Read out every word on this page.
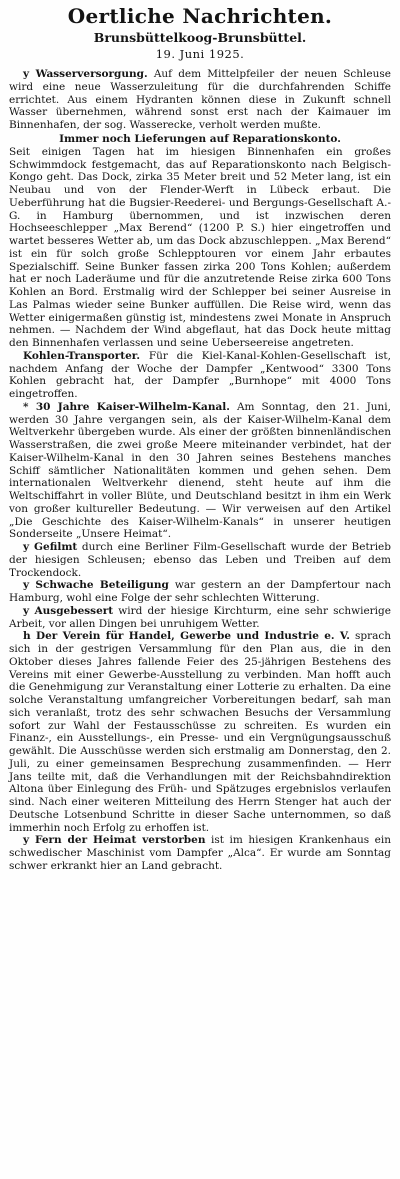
Oertliche Nachrichten.
Brunsbüttelkoog-Brunsbüttel.
19. Juni 1925.

y Wasserversorgung. Auf dem Mittelpfeiler der neuen Schleuse wird eine neue Wasserzuleitung für die durchfahrenden Schiffe errichtet. Aus einem Hydranten können diese in Zukunft schnell Wasser übernehmen, während sonst erst nach der Kaimauer im Binnenhafen, der sog. Wasserecke, verholt werden mußte.

Immer noch Lieferungen auf Reparationskonto.

Seit einigen Tagen hat im hiesigen Binnenhafen ein großes Schwimmdock festgemacht, das auf Reparationskonto nach Belgisch-Kongo geht. Das Dock, zirka 35 Meter breit und 52 Meter lang, ist ein Neubau und von der Flender-Werft in Lübeck erbaut. Die Ueberführung hat die Bugsier-Reederei- und Bergungs-Gesellschaft A.-G. in Hamburg übernommen, und ist inzwischen deren Hochseeschlepper „Max Berend“ (1200 P. S.) hier eingetroffen und wartet besseres Wetter ab, um das Dock abzuschleppen. „Max Berend“ ist ein für solch große Schlepptouren vor einem Jahr erbautes Spezialschiff. Seine Bunker fassen zirka 200 Tons Kohlen; außerdem hat er noch Laderäume und für die anzutretende Reise zirka 600 Tons Kohlen an Bord. Erstmalig wird der Schlepper bei seiner Ausreise in Las Palmas wieder seine Bunker auffüllen. Die Reise wird, wenn das Wetter einigermaßen günstig ist, mindestens zwei Monate in Anspruch nehmen. — Nachdem der Wind abgeflaut, hat das Dock heute mittag den Binnenhafen verlassen und seine Ueberseereise angetreten.

Kohlen-Transporter. Für die Kiel-Kanal-Kohlen-Gesellschaft ist, nachdem Anfang der Woche der Dampfer „Kentwood“ 3300 Tons Kohlen gebracht hat, der Dampfer „Burnhope“ mit 4000 Tons eingetroffen.

* 30 Jahre Kaiser-Wilhelm-Kanal. Am Sonntag, den 21. Juni, werden 30 Jahre vergangen sein, als der Kaiser-Wilhelm-Kanal dem Weltverkehr übergeben wurde. Als einer der größten binnenländischen Wasserstraßen, die zwei große Meere miteinander verbindet, hat der Kaiser-Wilhelm-Kanal in den 30 Jahren seines Bestehens manches Schiff sämtlicher Nationalitäten kommen und gehen sehen. Dem internationalen Weltverkehr dienend, steht heute auf ihm die Weltschiffahrt in voller Blüte, und Deutschland besitzt in ihm ein Werk von großer kultureller Bedeutung. — Wir verweisen auf den Artikel „Die Geschichte des Kaiser-Wilhelm-Kanals“ in unserer heutigen Sonderseite „Unsere Heimat“.

y Gefilmt durch eine Berliner Film-Gesellschaft wurde der Betrieb der hiesigen Schleusen; ebenso das Leben und Treiben auf dem Trockendock.

y Schwache Beteiligung war gestern an der Dampfertour nach Hamburg, wohl eine Folge der sehr schlechten Witterung.

y Ausgebessert wird der hiesige Kirchturm, eine sehr schwierige Arbeit, vor allen Dingen bei unruhigem Wetter.

h Der Verein für Handel, Gewerbe und Industrie e. V. sprach sich in der gestrigen Versammlung für den Plan aus, die in den Oktober dieses Jahres fallende Feier des 25-jährigen Bestehens des Vereins mit einer Gewerbe-Ausstellung zu verbinden. Man hofft auch die Genehmigung zur Veranstaltung einer Lotterie zu erhalten. Da eine solche Veranstaltung umfangreicher Vorbereitungen bedarf, sah man sich veranlaßt, trotz des sehr schwachen Besuchs der Versammlung sofort zur Wahl der Festausschüsse zu schreiten. Es wurden ein Finanz-, ein Ausstellungs-, ein Presse- und ein Vergnügungsausschuß gewählt. Die Ausschüsse werden sich erstmalig am Donnerstag, den 2. Juli, zu einer gemeinsamen Besprechung zusammenfinden. — Herr Jans teilte mit, daß die Verhandlungen mit der Reichsbahndirektion Altona über Einlegung des Früh- und Spätzuges ergebnislos verlaufen sind. Nach einer weiteren Mitteilung des Herrn Stenger hat auch der Deutsche Lotsenbund Schritte in dieser Sache unternommen, so daß immerhin noch Erfolg zu erhoffen ist.

y Fern der Heimat verstorben ist im hiesigen Krankenhaus ein schwedischer Maschinist vom Dampfer „Alca“. Er wurde am Sonntag schwer erkrankt hier an Land gebracht.
